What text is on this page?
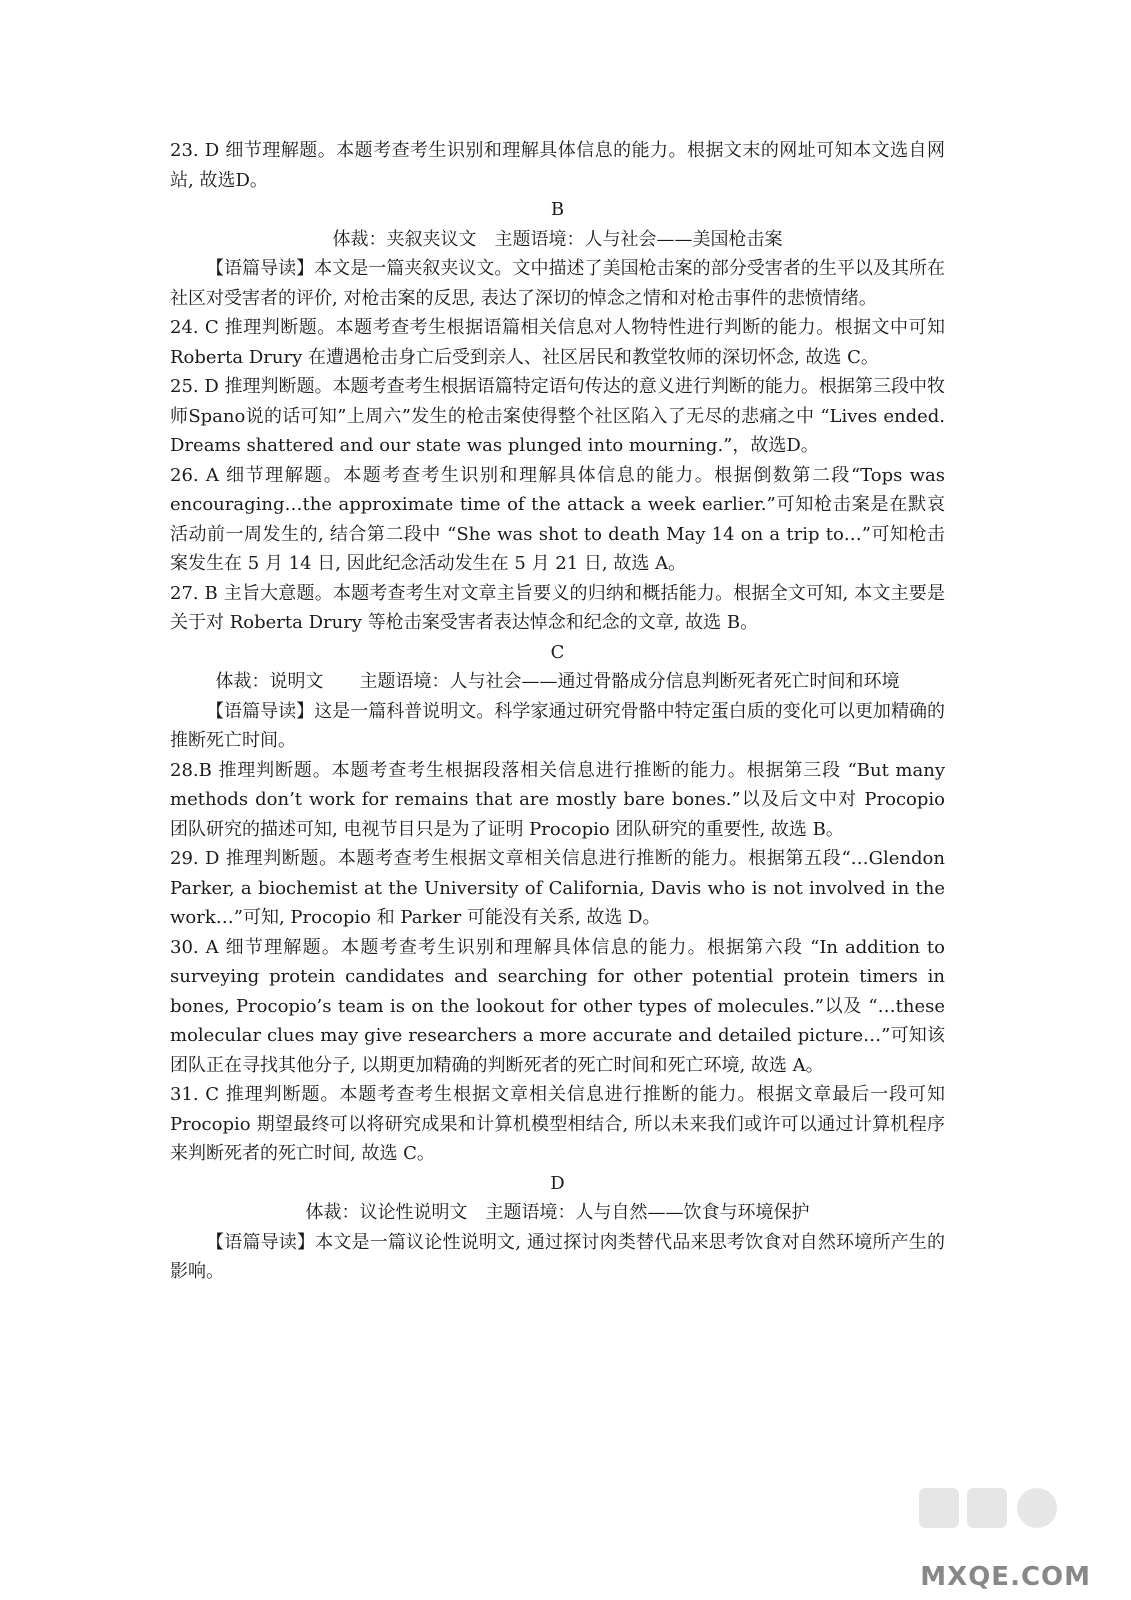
23. D 细节理解题。本题考查考生识别和理解具体信息的能力。根据文末的网址可知本文选自网站, 故选D。

B

体裁：夹叙夹议文　主题语境：人与社会——美国枪击案

【语篇导读】本文是一篇夹叙夹议文。文中描述了美国枪击案的部分受害者的生平以及其所在社区对受害者的评价, 对枪击案的反思, 表达了深切的悼念之情和对枪击事件的悲愤情绪。

24. C 推理判断题。本题考查考生根据语篇相关信息对人物特性进行判断的能力。根据文中可知 Roberta Drury 在遭遇枪击身亡后受到亲人、社区居民和教堂牧师的深切怀念, 故选 C。

25. D 推理判断题。本题考查考生根据语篇特定语句传达的意义进行判断的能力。根据第三段中牧师Spano说的话可知”上周六”发生的枪击案使得整个社区陷入了无尽的悲痛之中 “Lives ended. Dreams shattered and our state was plunged into mourning.”，故选D。

26. A 细节理解题。本题考查考生识别和理解具体信息的能力。根据倒数第二段“Tops was encouraging…the approximate time of the attack a week earlier.”可知枪击案是在默哀活动前一周发生的, 结合第二段中 “She was shot to death May 14 on a trip to…”可知枪击案发生在 5 月 14 日, 因此纪念活动发生在 5 月 21 日, 故选 A。

27. B 主旨大意题。本题考查考生对文章主旨要义的归纳和概括能力。根据全文可知, 本文主要是关于对 Roberta Drury 等枪击案受害者表达悼念和纪念的文章, 故选 B。

C

体裁：说明文　　主题语境：人与社会——通过骨骼成分信息判断死者死亡时间和环境

【语篇导读】这是一篇科普说明文。科学家通过研究骨骼中特定蛋白质的变化可以更加精确的推断死亡时间。

28.B 推理判断题。本题考查考生根据段落相关信息进行推断的能力。根据第三段 “But many methods don’t work for remains that are mostly bare bones.”以及后文中对 Procopio 团队研究的描述可知, 电视节目只是为了证明 Procopio 团队研究的重要性, 故选 B。

29. D 推理判断题。本题考查考生根据文章相关信息进行推断的能力。根据第五段“…Glendon Parker, a biochemist at the University of California, Davis who is not involved in the work…”可知, Procopio 和 Parker 可能没有关系, 故选 D。

30. A 细节理解题。本题考查考生识别和理解具体信息的能力。根据第六段 “In addition to surveying protein candidates and searching for other potential protein timers in bones, Procopio’s team is on the lookout for other types of molecules.”以及 “…these molecular clues may give researchers a more accurate and detailed picture…”可知该团队正在寻找其他分子, 以期更加精确的判断死者的死亡时间和死亡环境, 故选 A。

31. C 推理判断题。本题考查考生根据文章相关信息进行推断的能力。根据文章最后一段可知 Procopio 期望最终可以将研究成果和计算机模型相结合, 所以未来我们或许可以通过计算机程序来判断死者的死亡时间, 故选 C。

D

体裁：议论性说明文　主题语境：人与自然——饮食与环境保护

【语篇导读】本文是一篇议论性说明文, 通过探讨肉类替代品来思考饮食对自然环境所产生的影响。

MXQE.COM
